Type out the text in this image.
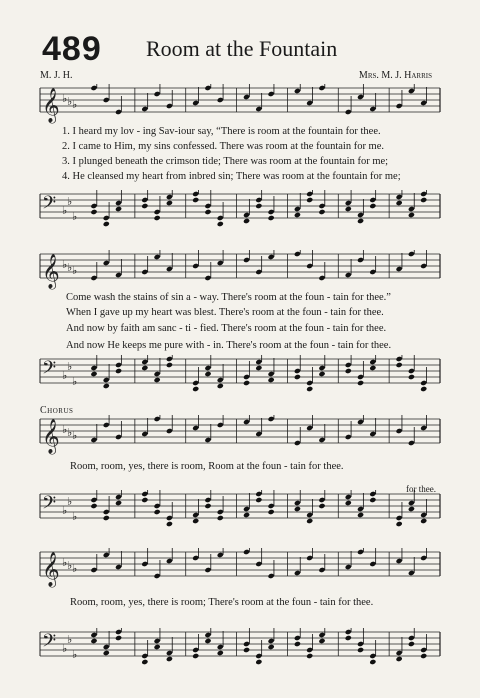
489 Room at the Fountain
M. J. H.	Mrs. M. J. Harris
𝄞 ♭ ♭ ♭
1. I heard my lov - ing Sav-iour say, “There is room at the fountain for thee.
2. I came to Him, my sins confessed. There was room at the fountain for me.
3. I plunged beneath the crimson tide; There was room at the fountain for me;
4. He cleansed my heart from inbred sin; There was room at the fountain for me;
𝄢 ♭
♭
♭
𝄞 ♭ ♭ ♭
Come wash the stains of sin a - way. There's room at the foun - tain for thee.”
When I gave up my heart was blest. There's room at the foun - tain for thee.
And now by faith am sanc - ti - fied. There's room at the foun - tain for thee.
And now He keeps me pure with - in. There's room at the foun - tain for thee.
𝄢 ♭
♭
♭
Chorus
𝄞 ♭ ♭ ♭
Room, room, yes, there is room, Room at the foun - tain for thee.
for thee.
𝄢 ♭
♭
♭
𝄞 ♭ ♭ ♭
Room, room, yes, there is room; There's room at the foun - tain for thee.
𝄢 ♭
♭
♭
